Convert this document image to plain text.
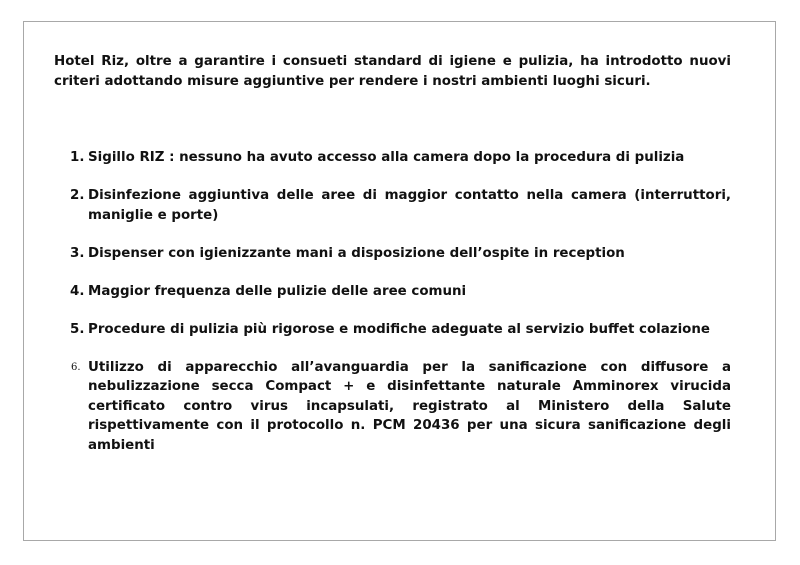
Hotel Riz, oltre a garantire i consueti standard di igiene e pulizia, ha introdotto nuovi criteri adottando misure aggiuntive per rendere i nostri ambienti luoghi sicuri.

1. Sigillo RIZ : nessuno ha avuto accesso alla camera dopo la procedura di pulizia
2. Disinfezione aggiuntiva delle aree di maggior contatto nella camera (interruttori, maniglie e porte)
3. Dispenser con igienizzante mani a disposizione dell’ospite in reception
4. Maggior frequenza delle pulizie delle aree comuni
5. Procedure di pulizia più rigorose e modifiche adeguate al servizio buffet colazione
6. Utilizzo di apparecchio all’avanguardia per la sanificazione con diffusore a nebulizzazione secca Compact + e disinfettante naturale Amminorex virucida certificato contro virus incapsulati, registrato al Ministero della Salute rispettivamente con il protocollo n. PCM 20436 per una sicura sanificazione degli ambienti
